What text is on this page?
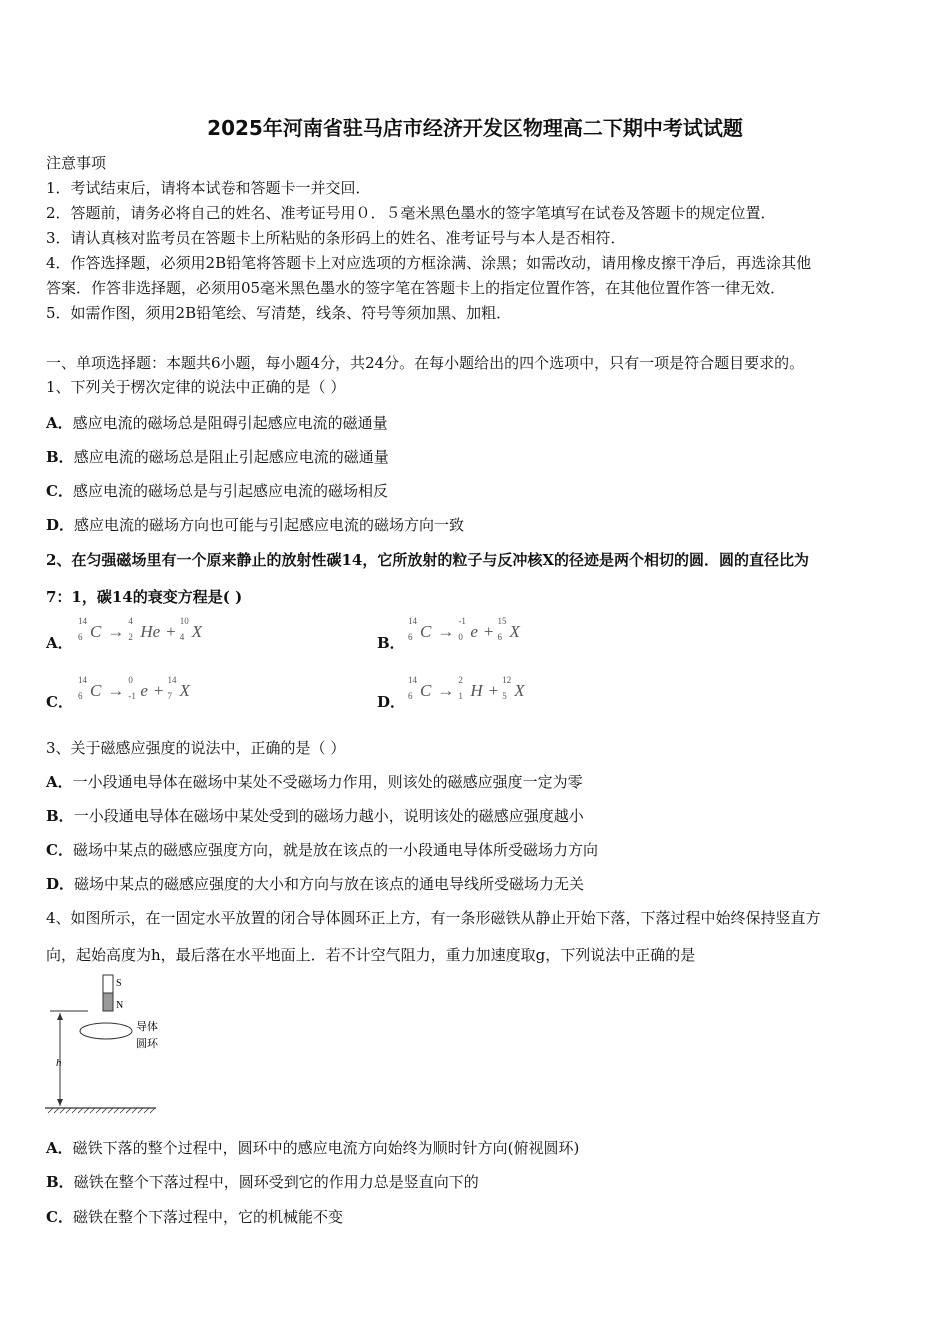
2025年河南省驻马店市经济开发区物理高二下期中考试试题
注意事项
1．考试结束后，请将本试卷和答题卡一并交回．
2．答题前，请务必将自己的姓名、准考证号用０．５毫米黑色墨水的签字笔填写在试卷及答题卡的规定位置．
3．请认真核对监考员在答题卡上所粘贴的条形码上的姓名、准考证号与本人是否相符．
4．作答选择题，必须用2B铅笔将答题卡上对应选项的方框涂满、涂黑；如需改动，请用橡皮擦干净后，再选涂其他
答案．作答非选择题，必须用05毫米黑色墨水的签字笔在答题卡上的指定位置作答，在其他位置作答一律无效．
5．如需作图，须用2B铅笔绘、写清楚，线条、符号等须加黑、加粗．
一、单项选择题：本题共6小题，每小题4分，共24分。在每小题给出的四个选项中，只有一项是符合题目要求的。
1、下列关于楞次定律的说法中正确的是（ ）
A．感应电流的磁场总是阻碍引起感应电流的磁通量
B．感应电流的磁场总是阻止引起感应电流的磁通量
C．感应电流的磁场总是与引起感应电流的磁场相反
D．感应电流的磁场方向也可能与引起感应电流的磁场方向一致
2、在匀强磁场里有一个原来静止的放射性碳14，它所放射的粒子与反冲核X的径迹是两个相切的圆．圆的直径比为
7：1，碳14的衰变方程是( )
A．
14
6 C →
4
2 He +
10
4 X
B．
14
6 C →
-1
0 e +
15
6 X
C．
14
6 C →
0
-1 e +
14
7 X
D．
14
6 C →
2
1 H +
12
5 X
3、关于磁感应强度的说法中，正确的是（ ）
A．一小段通电导体在磁场中某处不受磁场力作用，则该处的磁感应强度一定为零
B．一小段通电导体在磁场中某处受到的磁场力越小，说明该处的磁感应强度越小
C．磁场中某点的磁感应强度方向，就是放在该点的一小段通电导体所受磁场力方向
D．磁场中某点的磁感应强度的大小和方向与放在该点的通电导线所受磁场力无关
4、如图所示，在一固定水平放置的闭合导体圆环正上方，有一条形磁铁从静止开始下落，下落过程中始终保持竖直方
向，起始高度为h，最后落在水平地面上．若不计空气阻力，重力加速度取g，下列说法中正确的是
S
N
导体
圆环
h
A．磁铁下落的整个过程中，圆环中的感应电流方向始终为顺时针方向(俯视圆环)
B．磁铁在整个下落过程中，圆环受到它的作用力总是竖直向下的
C．磁铁在整个下落过程中，它的机械能不变
